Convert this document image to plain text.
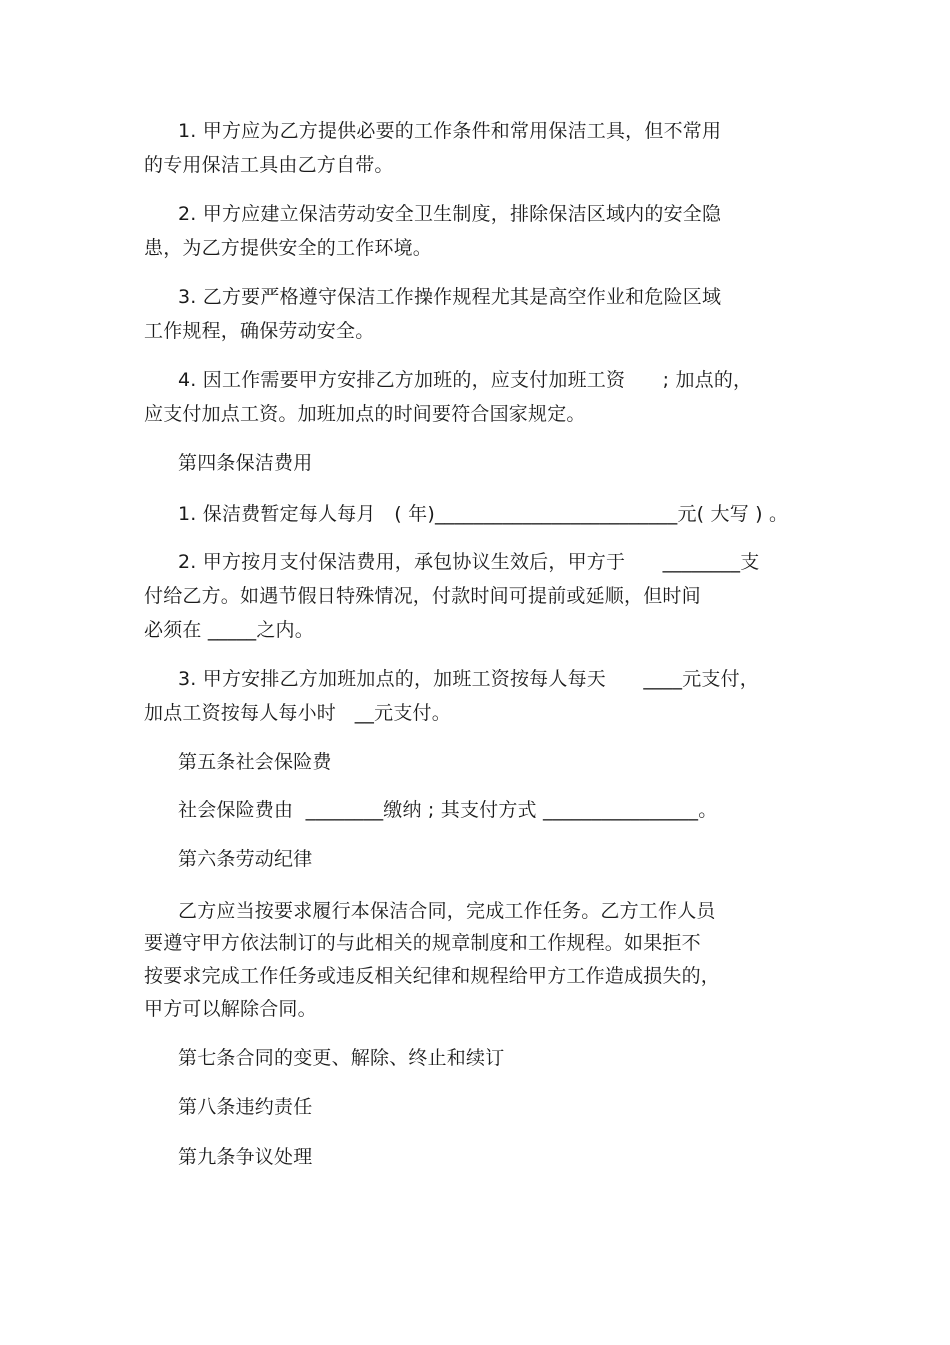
1. 甲方应为乙方提供必要的工作条件和常用保洁工具，但不常用
的专用保洁工具由乙方自带。
2. 甲方应建立保洁劳动安全卫生制度，排除保洁区域内的安全隐
患，为乙方提供安全的工作环境。
3. 乙方要严格遵守保洁工作操作规程尤其是高空作业和危险区域
工作规程，确保劳动安全。
4. 因工作需要甲方安排乙方加班的，应支付加班工资      ; 加点的，
应支付加点工资。加班加点的时间要符合国家规定。
第四条保洁费用
1. 保洁费暂定每人每月   ( 年)_________________________元( 大写 ) 。
2. 甲方按月支付保洁费用，承包协议生效后，甲方于      ________支
付给乙方。如遇节假日特殊情况，付款时间可提前或延顺，但时间
必须在 _____之内。
3. 甲方安排乙方加班加点的，加班工资按每人每天      ____元支付，
加点工资按每人每小时   __元支付。
第五条社会保险费
社会保险费由  ________缴纳 ; 其支付方式 ________________。
第六条劳动纪律
乙方应当按要求履行本保洁合同，完成工作任务。乙方工作人员
要遵守甲方依法制订的与此相关的规章制度和工作规程。如果拒不
按要求完成工作任务或违反相关纪律和规程给甲方工作造成损失的，
甲方可以解除合同。
第七条合同的变更、解除、终止和续订
第八条违约责任
第九条争议处理
